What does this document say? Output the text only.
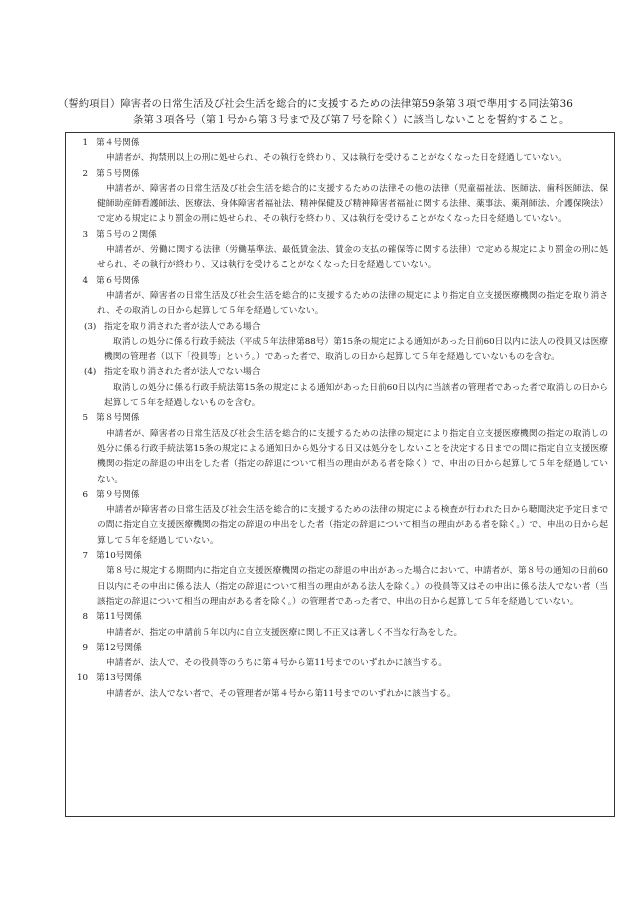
（誓約項目）障害者の日常生活及び社会生活を総合的に支援するための法律第59条第３項で準用する同法第36
条第３項各号（第１号から第３号まで及び第７号を除く）に該当しないことを誓約すること。
1 第４号関係
申請者が、拘禁刑以上の刑に処せられ、その執行を終わり、又は執行を受けることがなくなった日を経過していない。
2 第５号関係
申請者が、障害者の日常生活及び社会生活を総合的に支援するための法律その他の法律（児童福祉法、医師法、歯科医師法、保健師助産師看護師法、医療法、身体障害者福祉法、精神保健及び精神障害者福祉に関する法律、薬事法、薬剤師法、介護保険法）で定める規定により罰金の刑に処せられ、その執行を終わり、又は執行を受けることがなくなった日を経過していない。
3 第５号の２関係
申請者が、労働に関する法律（労働基準法、最低賃金法、賃金の支払の確保等に関する法律）で定める規定により罰金の刑に処せられ、その執行が終わり、又は執行を受けることがなくなった日を経過していない。
4 第６号関係
申請者が、障害者の日常生活及び社会生活を総合的に支援するための法律の規定により指定自立支援医療機関の指定を取り消され、その取消しの日から起算して５年を経過していない。
(3) 指定を取り消された者が法人である場合
取消しの処分に係る行政手続法（平成５年法律第88号）第15条の規定による通知があった日前60日以内に法人の役員又は医療機関の管理者（以下「役員等」という。）であった者で、取消しの日から起算して５年を経過していないものを含む。
(4) 指定を取り消された者が法人でない場合
取消しの処分に係る行政手続法第15条の規定による通知があった日前60日以内に当該者の管理者であった者で取消しの日から起算して５年を経過しないものを含む。
5 第８号関係
申請者が、障害者の日常生活及び社会生活を総合的に支援するための法律の規定により指定自立支援医療機関の指定の取消しの処分に係る行政手続法第15条の規定による通知日から処分する日又は処分をしないことを決定する日までの間に指定自立支援医療機関の指定の辞退の申出をした者（指定の辞退について相当の理由がある者を除く）で、申出の日から起算して５年を経過していない。
6 第９号関係
申請者が障害者の日常生活及び社会生活を総合的に支援するための法律の規定による検査が行われた日から聴聞決定予定日までの間に指定自立支援医療機関の指定の辞退の申出をした者（指定の辞退について相当の理由がある者を除く。）で、申出の日から起算して５年を経過していない。
7 第10号関係
第８号に規定する期間内に指定自立支援医療機関の指定の辞退の申出があった場合において、申請者が、第８号の通知の日前60日以内にその申出に係る法人（指定の辞退について相当の理由がある法人を除く。）の役員等又はその申出に係る法人でない者（当該指定の辞退について相当の理由がある者を除く。）の管理者であった者で、申出の日から起算して５年を経過していない。
8 第11号関係
申請者が、指定の申請前５年以内に自立支援医療に関し不正又は著しく不当な行為をした。
9 第12号関係
申請者が、法人で、その役員等のうちに第４号から第11号までのいずれかに該当する。
10 第13号関係
申請者が、法人でない者で、その管理者が第４号から第11号までのいずれかに該当する。
